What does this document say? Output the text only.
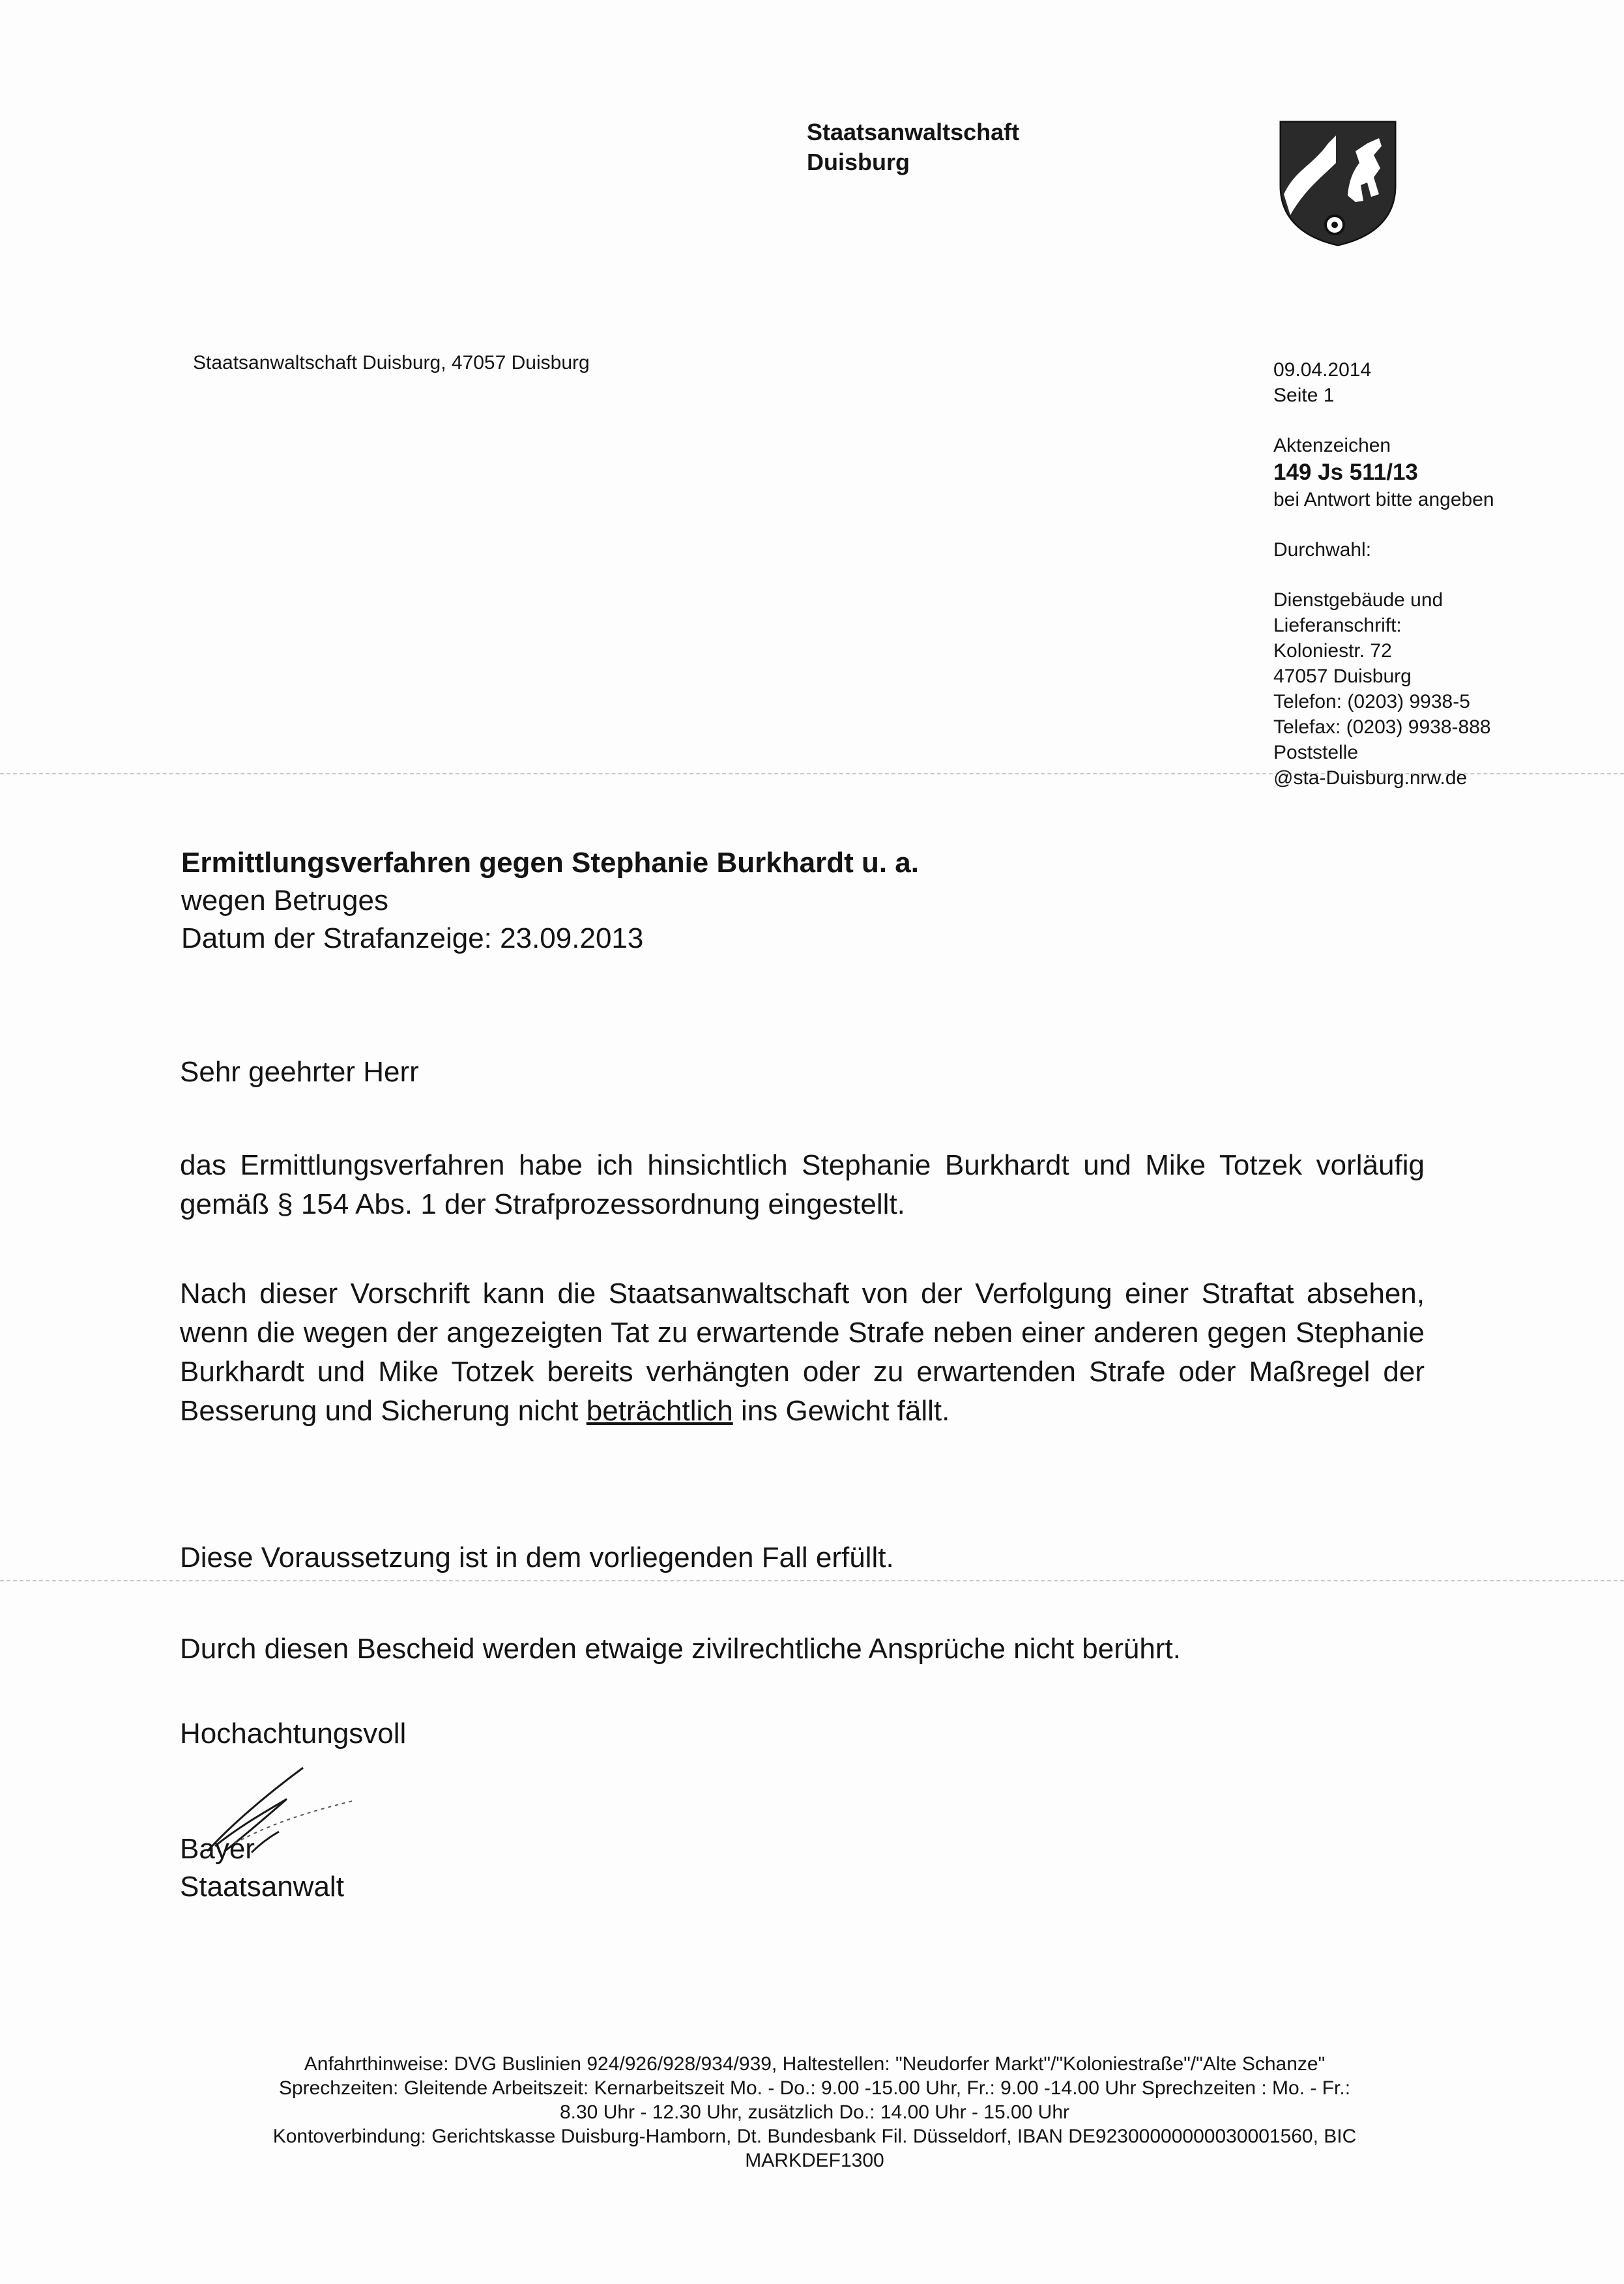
Staatsanwaltschaft
Duisburg
Staatsanwaltschaft Duisburg, 47057 Duisburg	09.04.2014
Seite 1
Aktenzeichen
149 Js 511/13
bei Antwort bitte angeben
Durchwahl:
Dienstgebäude und
Lieferanschrift:
Koloniestr. 72
47057 Duisburg
Telefon: (0203) 9938-5
Telefax: (0203) 9938-888
Poststelle
@sta-Duisburg.nrw.de
Ermittlungsverfahren gegen Stephanie Burkhardt u. a.
wegen Betruges
Datum der Strafanzeige: 23.09.2013
Sehr geehrter Herr
das Ermittlungsverfahren habe ich hinsichtlich Stephanie Burkhardt und Mike Totzek vorläufig gemäß § 154 Abs. 1 der Strafprozessordnung eingestellt.
Nach dieser Vorschrift kann die Staatsanwaltschaft von der Verfolgung einer Straftat absehen, wenn die wegen der angezeigten Tat zu erwartende Strafe neben einer anderen gegen Stephanie Burkhardt und Mike Totzek bereits verhängten oder zu erwartenden Strafe oder Maßregel der Besserung und Sicherung nicht beträchtlich ins Gewicht fällt.
Diese Voraussetzung ist in dem vorliegenden Fall erfüllt.
Durch diesen Bescheid werden etwaige zivilrechtliche Ansprüche nicht berührt.
Hochachtungsvoll
Bayer
Staatsanwalt
Anfahrthinweise: DVG Buslinien 924/926/928/934/939, Haltestellen: "Neudorfer Markt"/"Koloniestraße"/"Alte Schanze"
Sprechzeiten: Gleitende Arbeitszeit: Kernarbeitszeit Mo. - Do.: 9.00 -15.00 Uhr, Fr.: 9.00 -14.00 Uhr Sprechzeiten : Mo. - Fr.:
8.30 Uhr - 12.30 Uhr, zusätzlich Do.: 14.00 Uhr - 15.00 Uhr
Kontoverbindung: Gerichtskasse Duisburg-Hamborn, Dt. Bundesbank Fil. Düsseldorf, IBAN DE92300000000030001560, BIC
MARKDEF1300
